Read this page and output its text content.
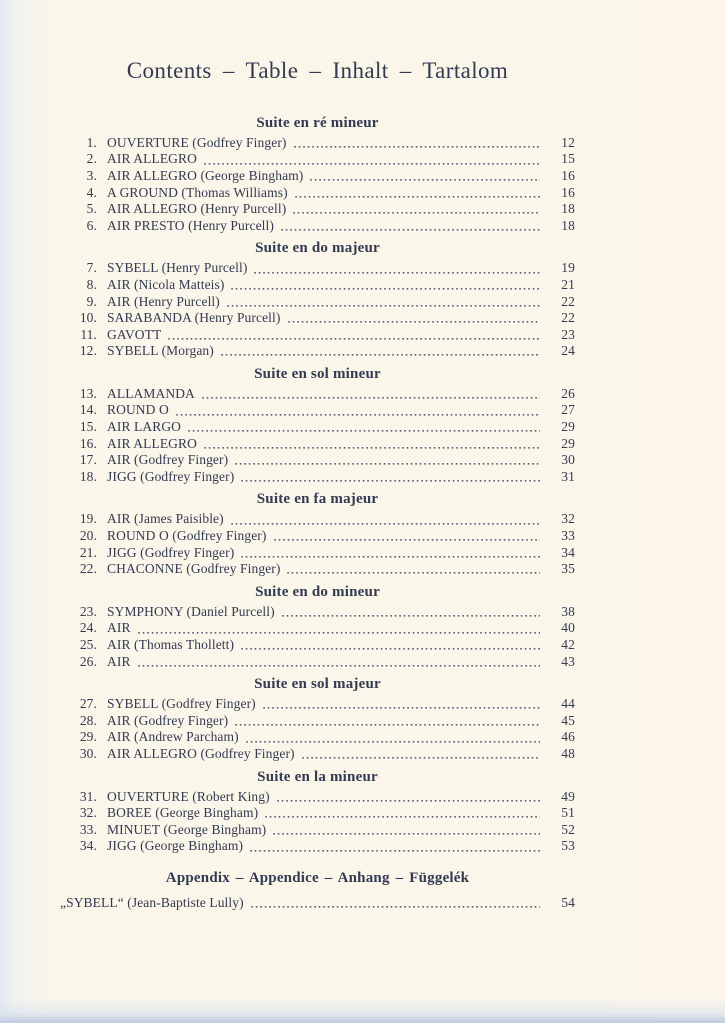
Contents – Table – Inhalt – Tartalom
Suite en ré mineur
1. OUVERTURE (Godfrey Finger)	12
2. AIR ALLEGRO	15
3. AIR ALLEGRO (George Bingham)	16
4. A GROUND (Thomas Williams)	16
5. AIR ALLEGRO (Henry Purcell)	18
6. AIR PRESTO (Henry Purcell)	18
Suite en do majeur
7. SYBELL (Henry Purcell)	19
8. AIR (Nicola Matteis)	21
9. AIR (Henry Purcell)	22
10. SARABANDA (Henry Purcell)	22
11. GAVOTT	23
12. SYBELL (Morgan)	24
Suite en sol mineur
13. ALLAMANDA	26
14. ROUND O	27
15. AIR LARGO	29
16. AIR ALLEGRO	29
17. AIR (Godfrey Finger)	30
18. JIGG (Godfrey Finger)	31
Suite en fa majeur
19. AIR (James Paisible)	32
20. ROUND O (Godfrey Finger)	33
21. JIGG (Godfrey Finger)	34
22. CHACONNE (Godfrey Finger)	35
Suite en do mineur
23. SYMPHONY (Daniel Purcell)	38
24. AIR	40
25. AIR (Thomas Thollett)	42
26. AIR	43
Suite en sol majeur
27. SYBELL (Godfrey Finger)	44
28. AIR (Godfrey Finger)	45
29. AIR (Andrew Parcham)	46
30. AIR ALLEGRO (Godfrey Finger)	48
Suite en la mineur
31. OUVERTURE (Robert King)	49
32. BOREE (George Bingham)	51
33. MINUET (George Bingham)	52
34. JIGG (George Bingham)	53
Appendix – Appendice – Anhang – Függelék
„SYBELL“ (Jean-Baptiste Lully)	54
